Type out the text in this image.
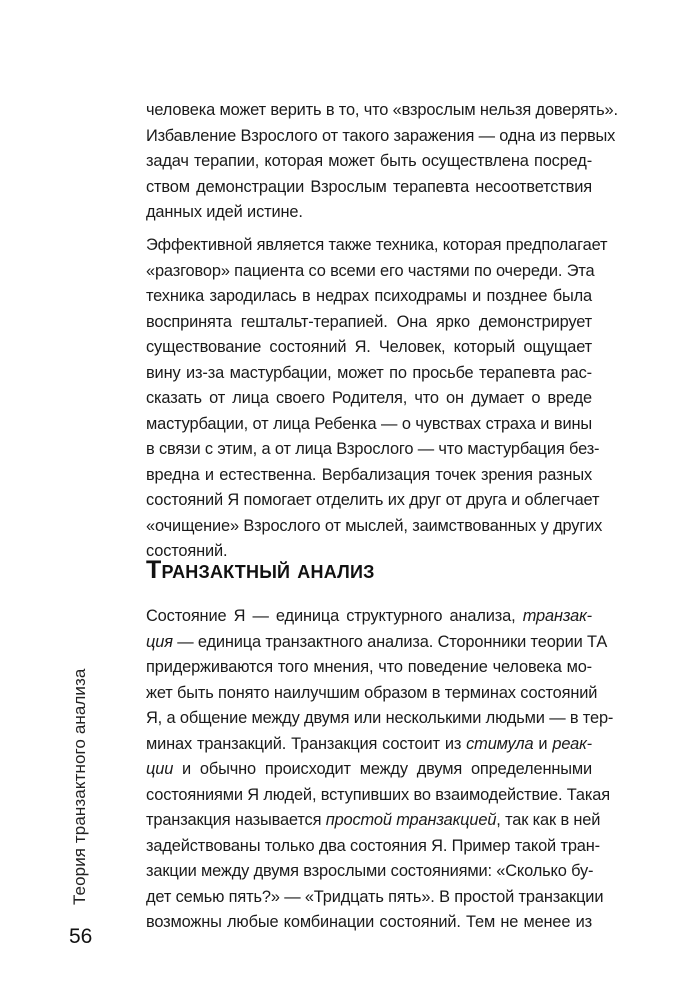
человека может верить в то, что «взрослым нельзя доверять».
Избавление Взрослого от такого заражения — одна из первых
задач терапии, которая может быть осуществлена посред-
ством демонстрации Взрослым терапевта несоответствия
данных идей истине.
Эффективной является также техника, которая предполагает
«разговор» пациента со всеми его частями по очереди. Эта
техника зародилась в недрах психодрамы и позднее была
воспринята гештальт-терапией. Она ярко демонстрирует
существование состояний Я. Человек, который ощущает
вину из-за мастурбации, может по просьбе терапевта рас-
сказать от лица своего Родителя, что он думает о вреде
мастурбации, от лица Ребенка — о чувствах страха и вины
в связи с этим, а от лица Взрослого — что мастурбация без-
вредна и естественна. Вербализация точек зрения разных
состояний Я помогает отделить их друг от друга и облегчает
«очищение» Взрослого от мыслей, заимствованных у других
состояний.
Транзактный анализ
Состояние Я — единица структурного анализа, транзак-
ция — единица транзактного анализа. Сторонники теории ТА
придерживаются того мнения, что поведение человека мо-
жет быть понято наилучшим образом в терминах состояний
Я, а общение между двумя или несколькими людьми — в тер-
минах транзакций. Транзакция состоит из стимула и реак-
ции и обычно происходит между двумя определенными
состояниями Я людей, вступивших во взаимодействие. Такая
транзакция называется простой транзакцией, так как в ней
задействованы только два состояния Я. Пример такой тран-
закции между двумя взрослыми состояниями: «Сколько бу-
дет семью пять?» — «Тридцать пять». В простой транзакции
возможны любые комбинации состояний. Тем не менее из
Теория транзактного анализа
56
